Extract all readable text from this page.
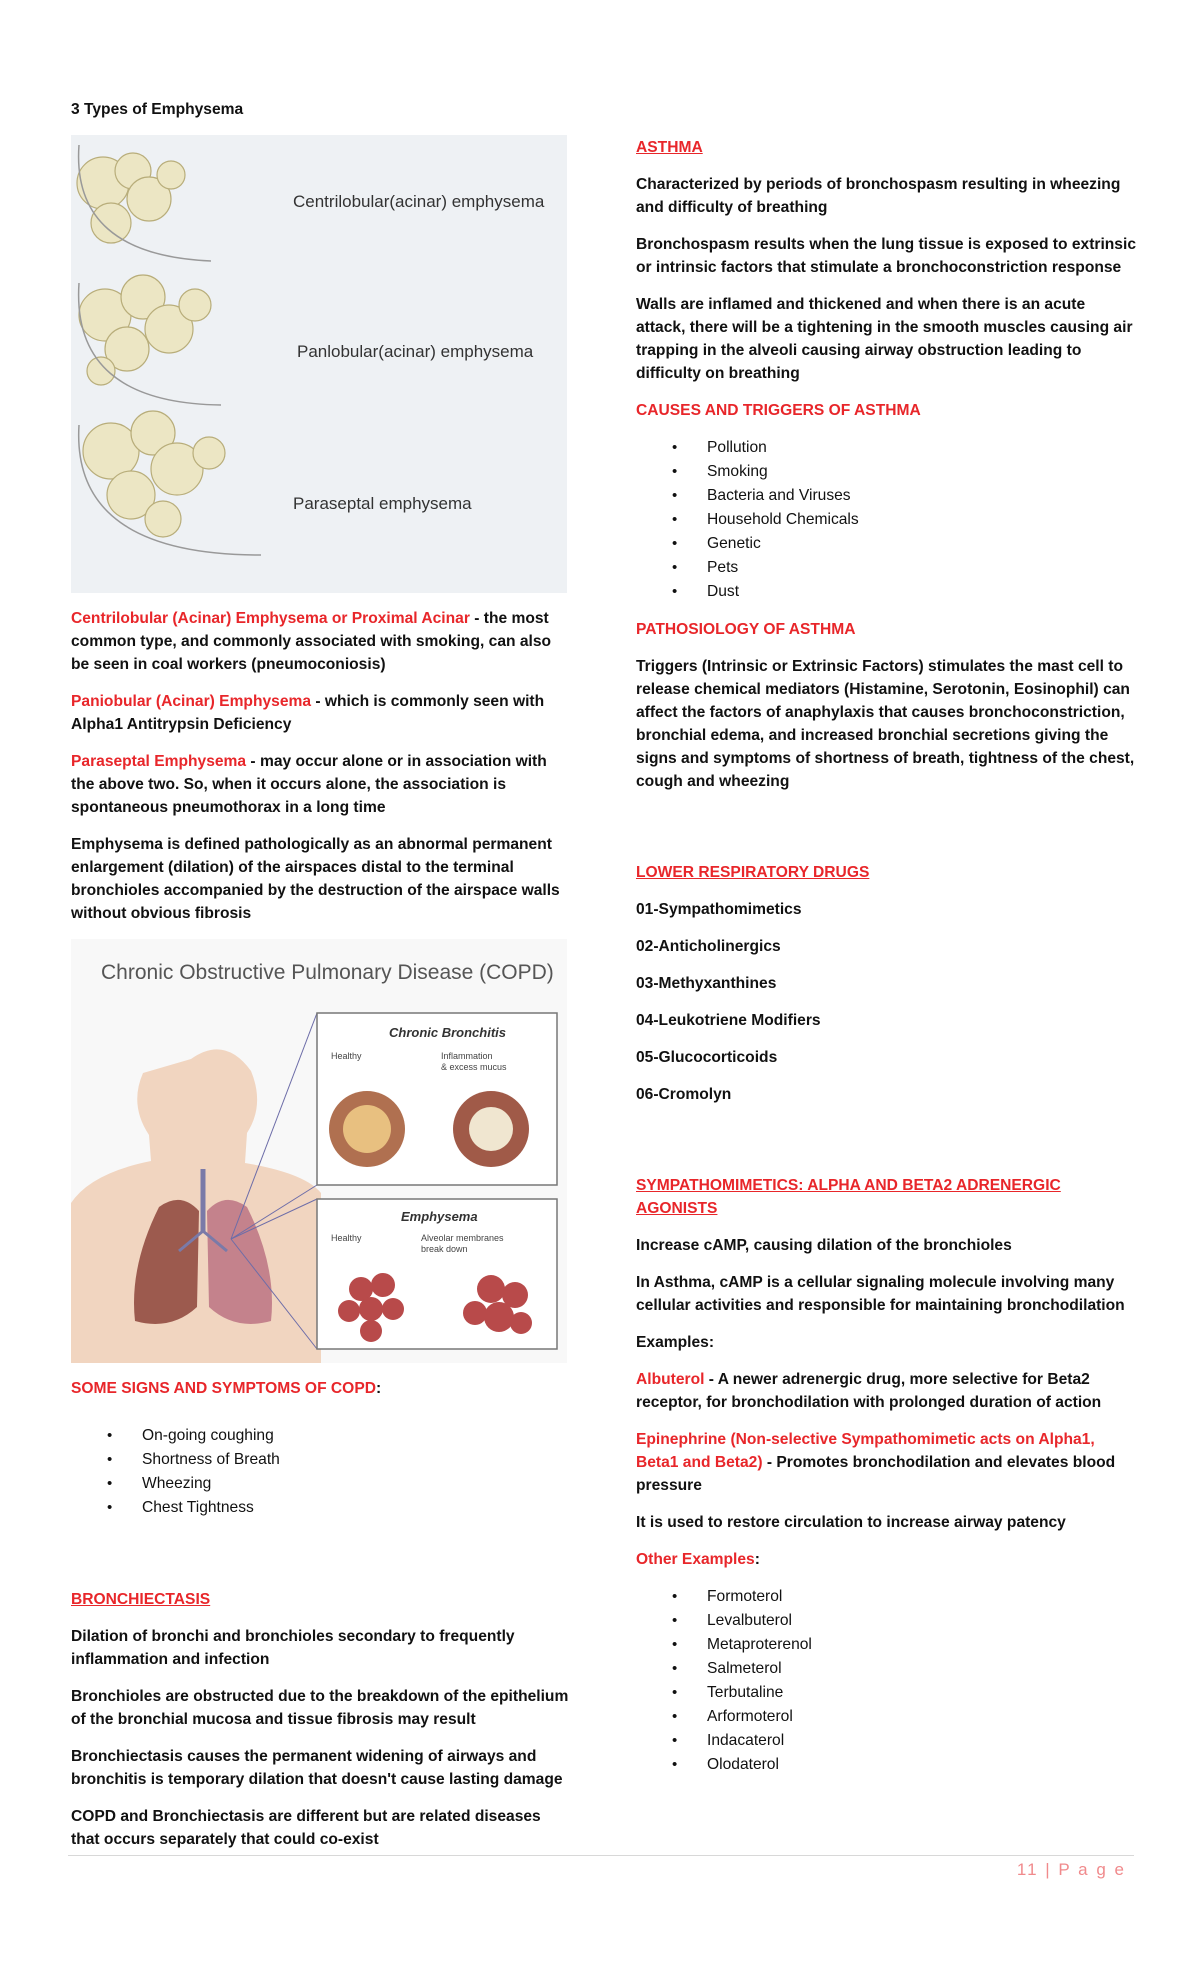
3 Types of Emphysema

Centrilobular(acinar) emphysema
Panlobular(acinar) emphysema
Paraseptal emphysema

Centrilobular (Acinar) Emphysema or Proximal Acinar - the most common type, and commonly associated with smoking, can also be seen in coal workers (pneumoconiosis)

Paniobular (Acinar) Emphysema - which is commonly seen with Alpha1 Antitrypsin Deficiency

Paraseptal Emphysema - may occur alone or in association with the above two. So, when it occurs alone, the association is spontaneous pneumothorax in a long time

Emphysema is defined pathologically as an abnormal permanent enlargement (dilation) of the airspaces distal to the terminal bronchioles accompanied by the destruction of the airspace walls without obvious fibrosis

Chronic Obstructive Pulmonary Disease (COPD)
Chronic Bronchitis
Healthy	Inflammation
& excess mucus
Emphysema
Healthy	Alveolar membranes
break down

SOME SIGNS AND SYMPTOMS OF COPD:

• On-going coughing
• Shortness of Breath
• Wheezing
• Chest Tightness

BRONCHIECTASIS

Dilation of bronchi and bronchioles secondary to frequently inflammation and infection

Bronchioles are obstructed due to the breakdown of the epithelium of the bronchial mucosa and tissue fibrosis may result

Bronchiectasis causes the permanent widening of airways and bronchitis is temporary dilation that doesn't cause lasting damage

COPD and Bronchiectasis are different but are related diseases that occurs separately that could co-exist

ASTHMA

Characterized by periods of bronchospasm resulting in wheezing and difficulty of breathing

Bronchospasm results when the lung tissue is exposed to extrinsic or intrinsic factors that stimulate a bronchoconstriction response

Walls are inflamed and thickened and when there is an acute attack, there will be a tightening in the smooth muscles causing air trapping in the alveoli causing airway obstruction leading to difficulty on breathing

CAUSES AND TRIGGERS OF ASTHMA

• Pollution
• Smoking
• Bacteria and Viruses
• Household Chemicals
• Genetic
• Pets
• Dust

PATHOSIOLOGY OF ASTHMA

Triggers (Intrinsic or Extrinsic Factors) stimulates the mast cell to release chemical mediators (Histamine, Serotonin, Eosinophil) can affect the factors of anaphylaxis that causes bronchoconstriction, bronchial edema, and increased bronchial secretions giving the signs and symptoms of shortness of breath, tightness of the chest, cough and wheezing

LOWER RESPIRATORY DRUGS

01-Sympathomimetics

02-Anticholinergics

03-Methyxanthines

04-Leukotriene Modifiers

05-Glucocorticoids

06-Cromolyn

SYMPATHOMIMETICS: ALPHA AND BETA2 ADRENERGIC AGONISTS

Increase cAMP, causing dilation of the bronchioles

In Asthma, cAMP is a cellular signaling molecule involving many cellular activities and responsible for maintaining bronchodilation

Examples:

Albuterol - A newer adrenergic drug, more selective for Beta2 receptor, for bronchodilation with prolonged duration of action

Epinephrine (Non-selective Sympathomimetic acts on Alpha1, Beta1 and Beta2) - Promotes bronchodilation and elevates blood pressure

It is used to restore circulation to increase airway patency

Other Examples:

• Formoterol
• Levalbuterol
• Metaproterenol
• Salmeterol
• Terbutaline
• Arformoterol
• Indacaterol
• Olodaterol
11 | P a g e
